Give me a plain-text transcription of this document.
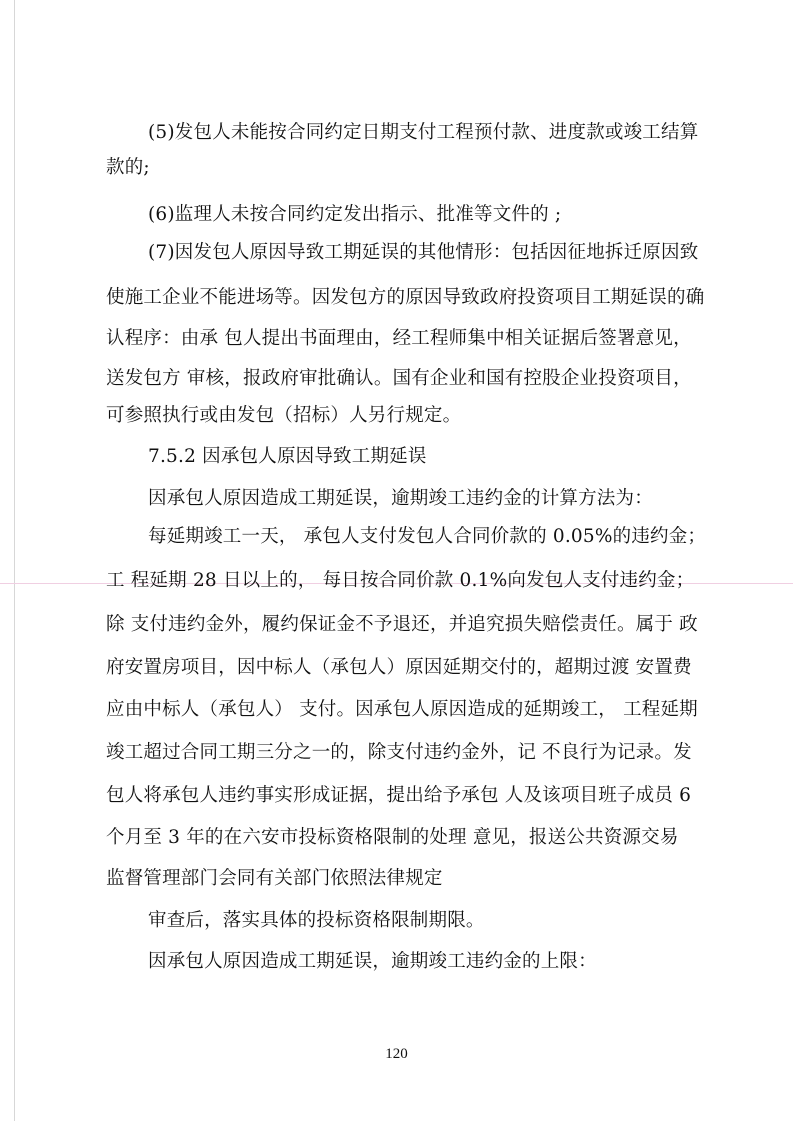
(5)发包人未能按合同约定日期支付工程预付款、进度款或竣工结算
款的;
(6)监理人未按合同约定发出指示、批准等文件的 ;
(7)因发包人原因导致工期延误的其他情形：包括因征地拆迁原因致
使施工企业不能进场等。因发包方的原因导致政府投资项目工期延误的确
认程序：由承 包人提出书面理由，经工程师集中相关证据后签署意见，
送发包方 审核，报政府审批确认。国有企业和国有控股企业投资项目，
可参照执行或由发包（招标）人另行规定。
7.5.2 因承包人原因导致工期延误
因承包人原因造成工期延误，逾期竣工违约金的计算方法为：
每延期竣工一天， 承包人支付发包人合同价款的 0.05%的违约金；
工 程延期 28 日以上的， 每日按合同价款 0.1%向发包人支付违约金；
除 支付违约金外，履约保证金不予退还，并追究损失赔偿责任。属于 政
府安置房项目，因中标人（承包人）原因延期交付的，超期过渡 安置费
应由中标人（承包人） 支付。因承包人原因造成的延期竣工， 工程延期
竣工超过合同工期三分之一的，除支付违约金外，记 不良行为记录。发
包人将承包人违约事实形成证据，提出给予承包 人及该项目班子成员 6
个月至 3 年的在六安市投标资格限制的处理 意见，报送公共资源交易
监督管理部门会同有关部门依照法律规定
审查后，落实具体的投标资格限制期限。
因承包人原因造成工期延误，逾期竣工违约金的上限：
120
